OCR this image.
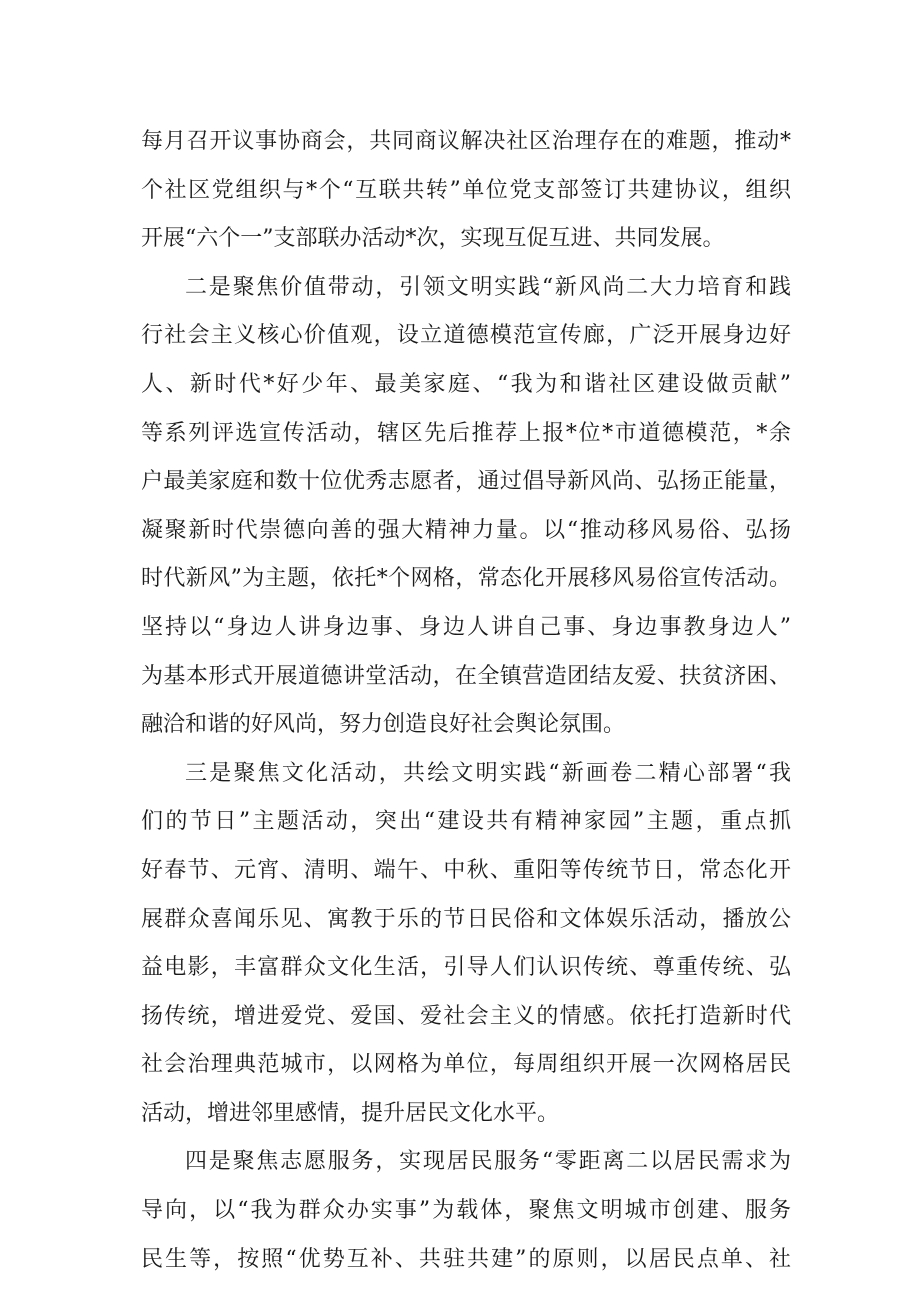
每月召开议事协商会，共同商议解决社区治理存在的难题，推动*
个社区党组织与*个“互联共转”单位党支部签订共建协议，组织
开展“六个一”支部联办活动*次，实现互促互进、共同发展。
二是聚焦价值带动，引领文明实践“新风尚二大力培育和践
行社会主义核心价值观，设立道德模范宣传廊，广泛开展身边好
人、新时代*好少年、最美家庭、“我为和谐社区建设做贡献”
等系列评选宣传活动，辖区先后推荐上报*位*市道德模范，*余
户最美家庭和数十位优秀志愿者，通过倡导新风尚、弘扬正能量，
凝聚新时代崇德向善的强大精神力量。以“推动移风易俗、弘扬
时代新风”为主题，依托*个网格，常态化开展移风易俗宣传活动。
坚持以“身边人讲身边事、身边人讲自己事、身边事教身边人”
为基本形式开展道德讲堂活动，在全镇营造团结友爱、扶贫济困、
融洽和谐的好风尚，努力创造良好社会舆论氛围。
三是聚焦文化活动，共绘文明实践“新画卷二精心部署“我
们的节日”主题活动，突出“建设共有精神家园”主题，重点抓
好春节、元宵、清明、端午、中秋、重阳等传统节日，常态化开
展群众喜闻乐见、寓教于乐的节日民俗和文体娱乐活动，播放公
益电影，丰富群众文化生活，引导人们认识传统、尊重传统、弘
扬传统，增进爱党、爱国、爱社会主义的情感。依托打造新时代
社会治理典范城市，以网格为单位，每周组织开展一次网格居民
活动，增进邻里感情，提升居民文化水平。
四是聚焦志愿服务，实现居民服务“零距离二以居民需求为
导向，以“我为群众办实事”为载体，聚焦文明城市创建、服务
民生等，按照“优势互补、共驻共建”的原则，以居民点单、社
